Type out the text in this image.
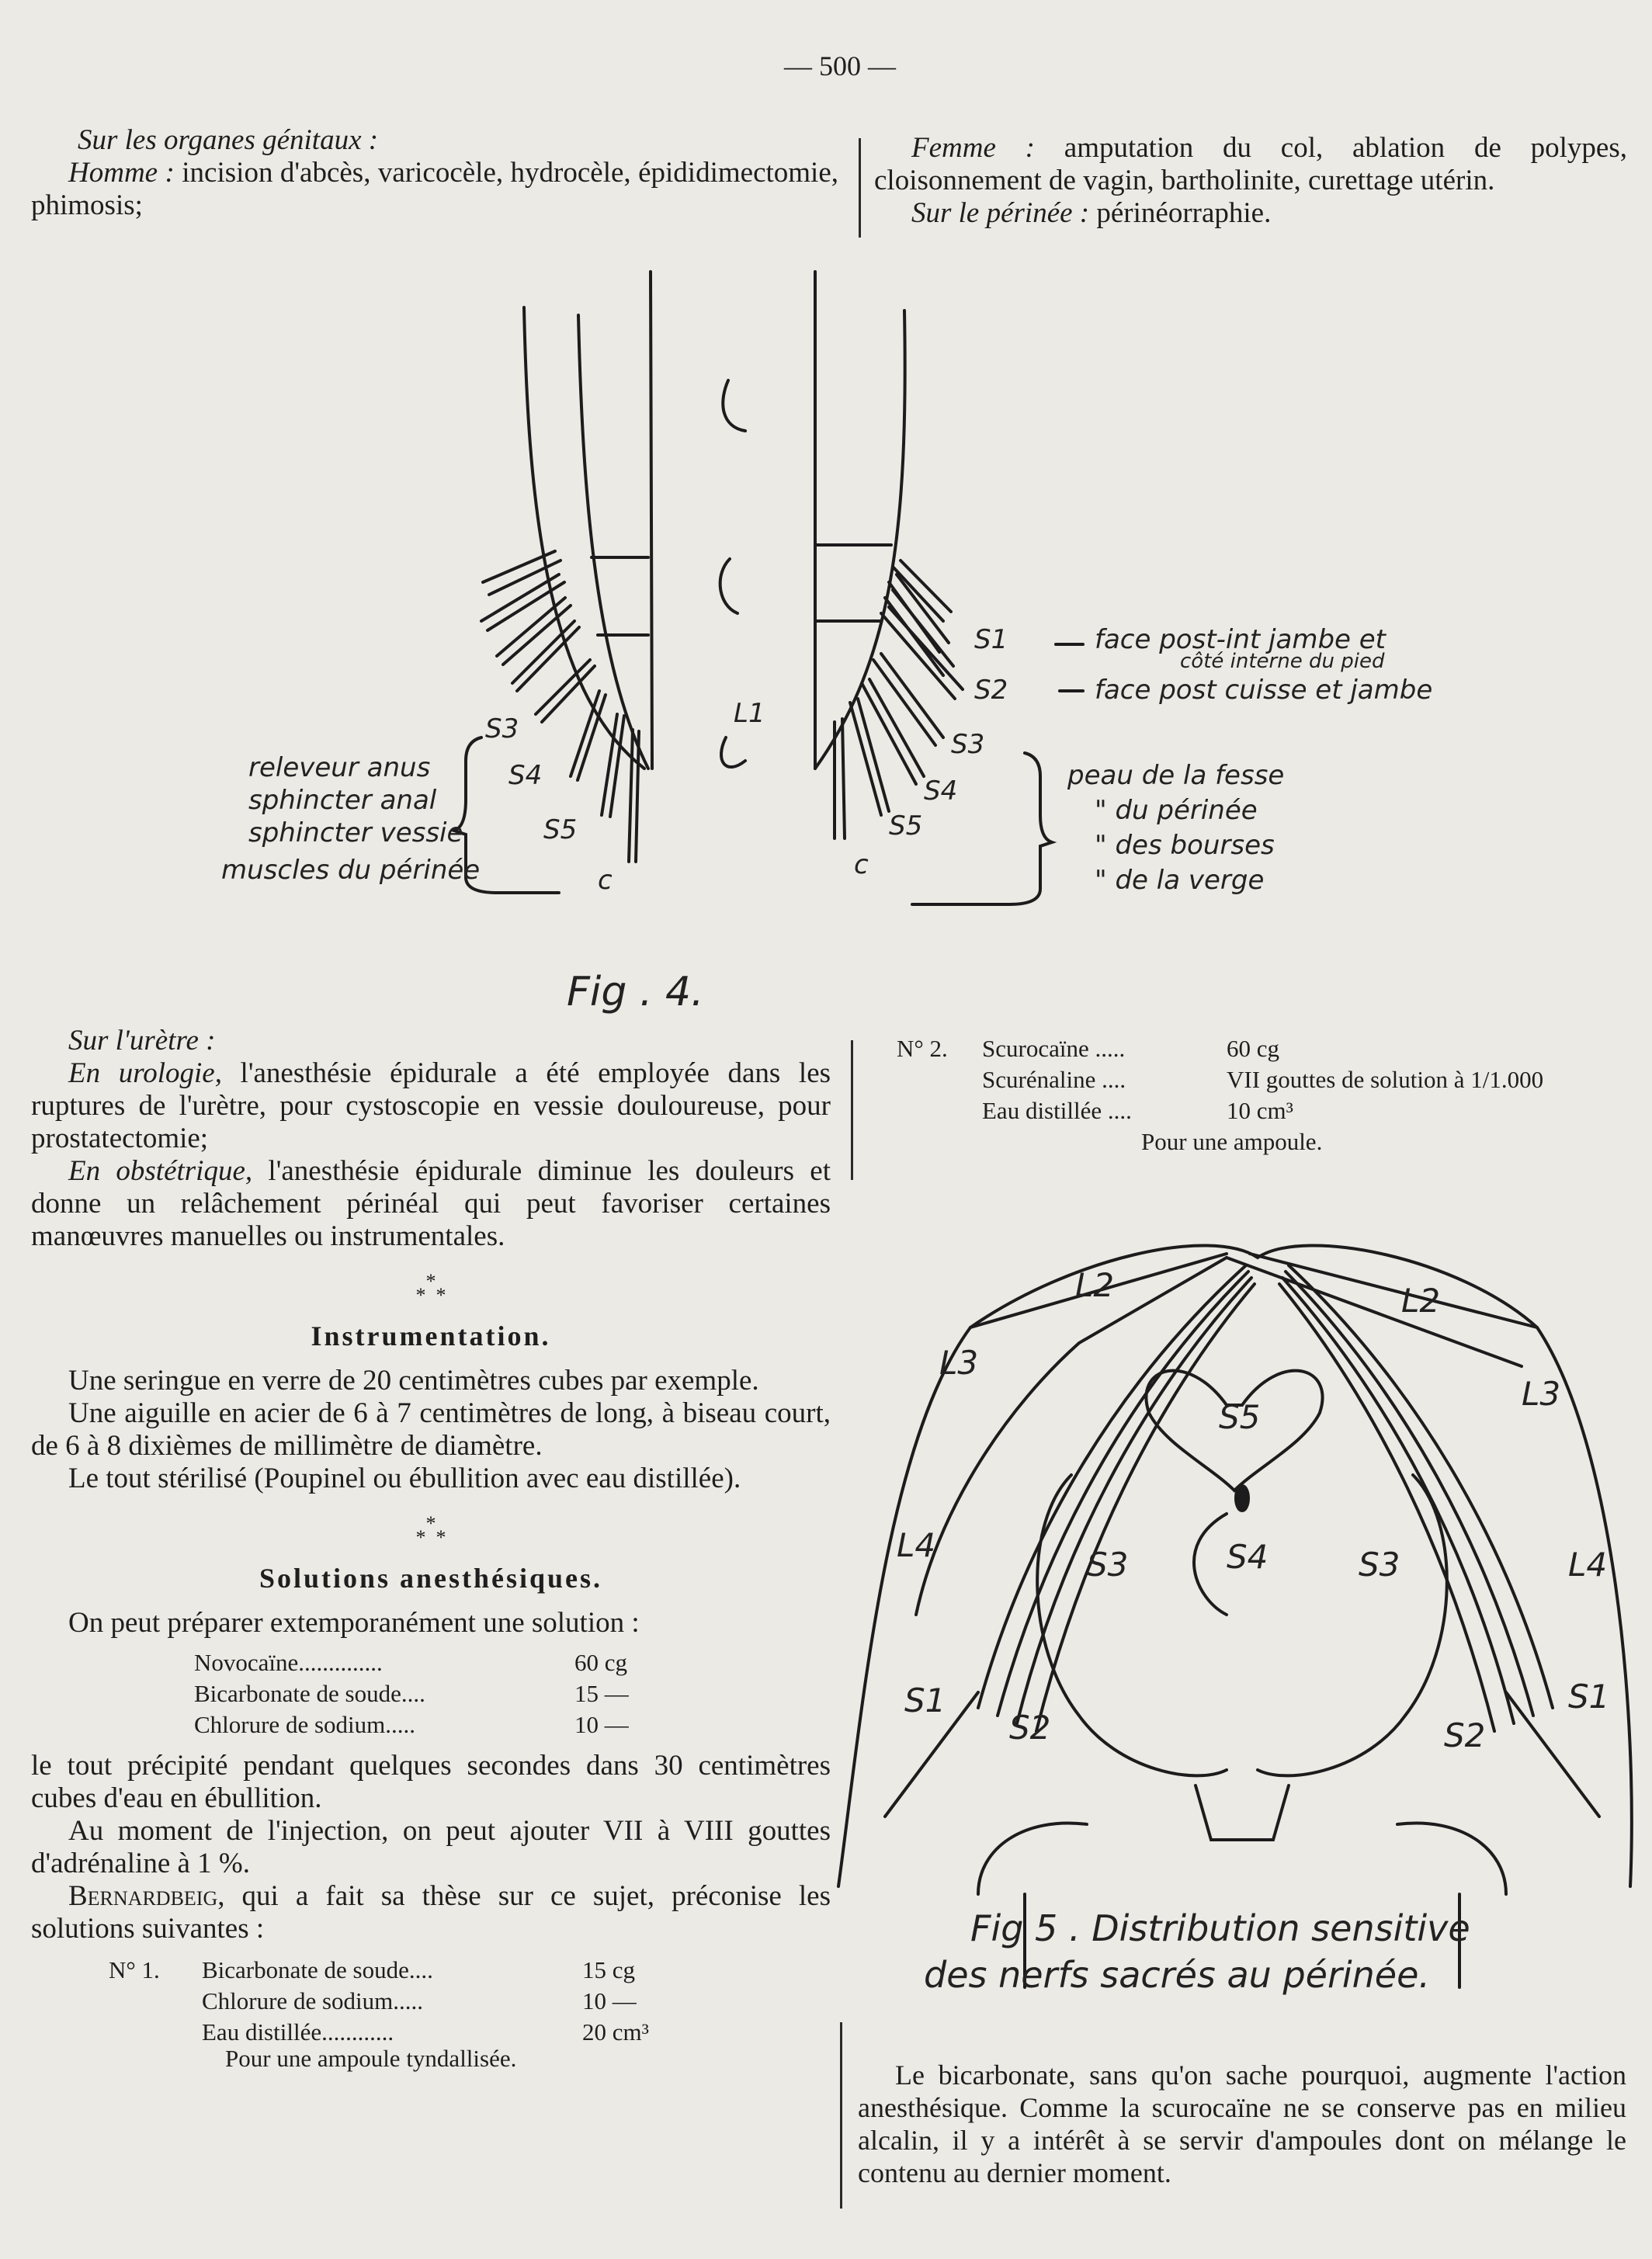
— 500 —

Sur les organes génitaux :

Homme : incision d'abcès, varicocèle, hydrocèle, épididimectomie, phimosis;

Femme : amputation du col, ablation de polypes, cloisonnement de vagin, bartholinite, curettage utérin.

Sur le périnée : périnéorraphie.

S3
S4
S5
c
S1
S2
S3
S4
S5
c
L1
releveur anus
sphincter anal
sphincter vessie
muscles du périnée
face post-int jambe et
côté interne du pied
face post cuisse et jambe
peau de la fesse
" du périnée
" des bourses
" de la verge
Fig . 4.

Sur l'urètre :

En urologie, l'anesthésie épidurale a été employée dans les ruptures de l'urètre, pour cystoscopie en vessie douloureuse, pour prostatectomie;

En obstétrique, l'anesthésie épidurale diminue les douleurs et donne un relâchement périnéal qui peut favoriser certaines manœuvres manuelles ou instrumentales.

*
* *

Instrumentation.

Une seringue en verre de 20 centimètres cubes par exemple.

Une aiguille en acier de 6 à 7 centimètres de long, à biseau court, de 6 à 8 dixièmes de millimètre de diamètre.

Le tout stérilisé (Poupinel ou ébullition avec eau distillée).

*
* *

Solutions anesthésiques.

On peut préparer extemporanément une solution :

Novocaïne..............	60 cg
Bicarbonate de soude....	15 —
Chlorure de sodium.....	10 —

le tout précipité pendant quelques secondes dans 30 centimètres cubes d'eau en ébullition.

Au moment de l'injection, on peut ajouter VII à VIII gouttes d'adrénaline à 1 %.

Bernardbeig, qui a fait sa thèse sur ce sujet, préconise les solutions suivantes :

N° 1. Bicarbonate de soude....	15 cg
Chlorure de sodium.....	10 —
Eau distillée............	20 cm³
Pour une ampoule tyndallisée.
N° 2. Scurocaïne .....	60 cg
Scurénaline ....	VII gouttes de solution à 1/1.000
Eau distillée ....	10 cm³
Pour une ampoule.
L2	L2
L3
L3
L4
L4
S5
S4
S3	S3
S2	S2
S1	S1
Fig 5 . Distribution sensitive
des nerfs sacrés au périnée.

Le bicarbonate, sans qu'on sache pourquoi, augmente l'action anesthésique. Comme la scurocaïne ne se conserve pas en milieu alcalin, il y a intérêt à se servir d'ampoules dont on mélange le contenu au dernier moment.
